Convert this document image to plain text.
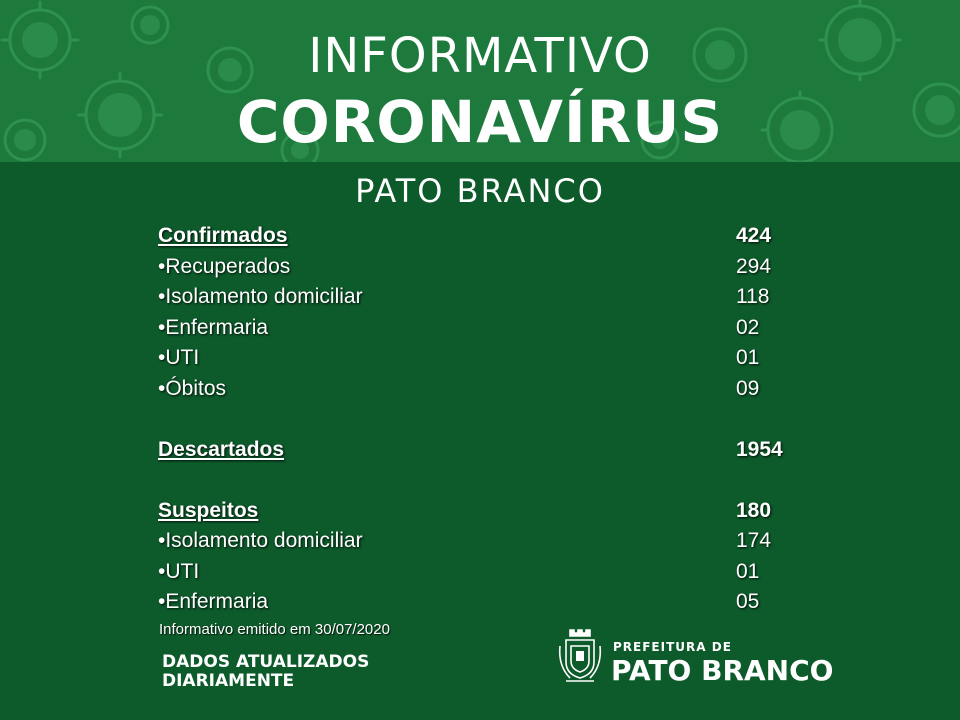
INFORMATIVO
CORONAVÍRUS
PATO BRANCO
Confirmados	424
•Recuperados	294
•Isolamento domiciliar	118
•Enfermaria	02
•UTI	01
•Óbitos	09
Descartados	1954
Suspeitos	180
•Isolamento domiciliar	174
•UTI	01
•Enfermaria	05
Informativo emitido em 30/07/2020
DADOS ATUALIZADOS
DIARIAMENTE
PREFEITURA DE
PATO BRANCO
